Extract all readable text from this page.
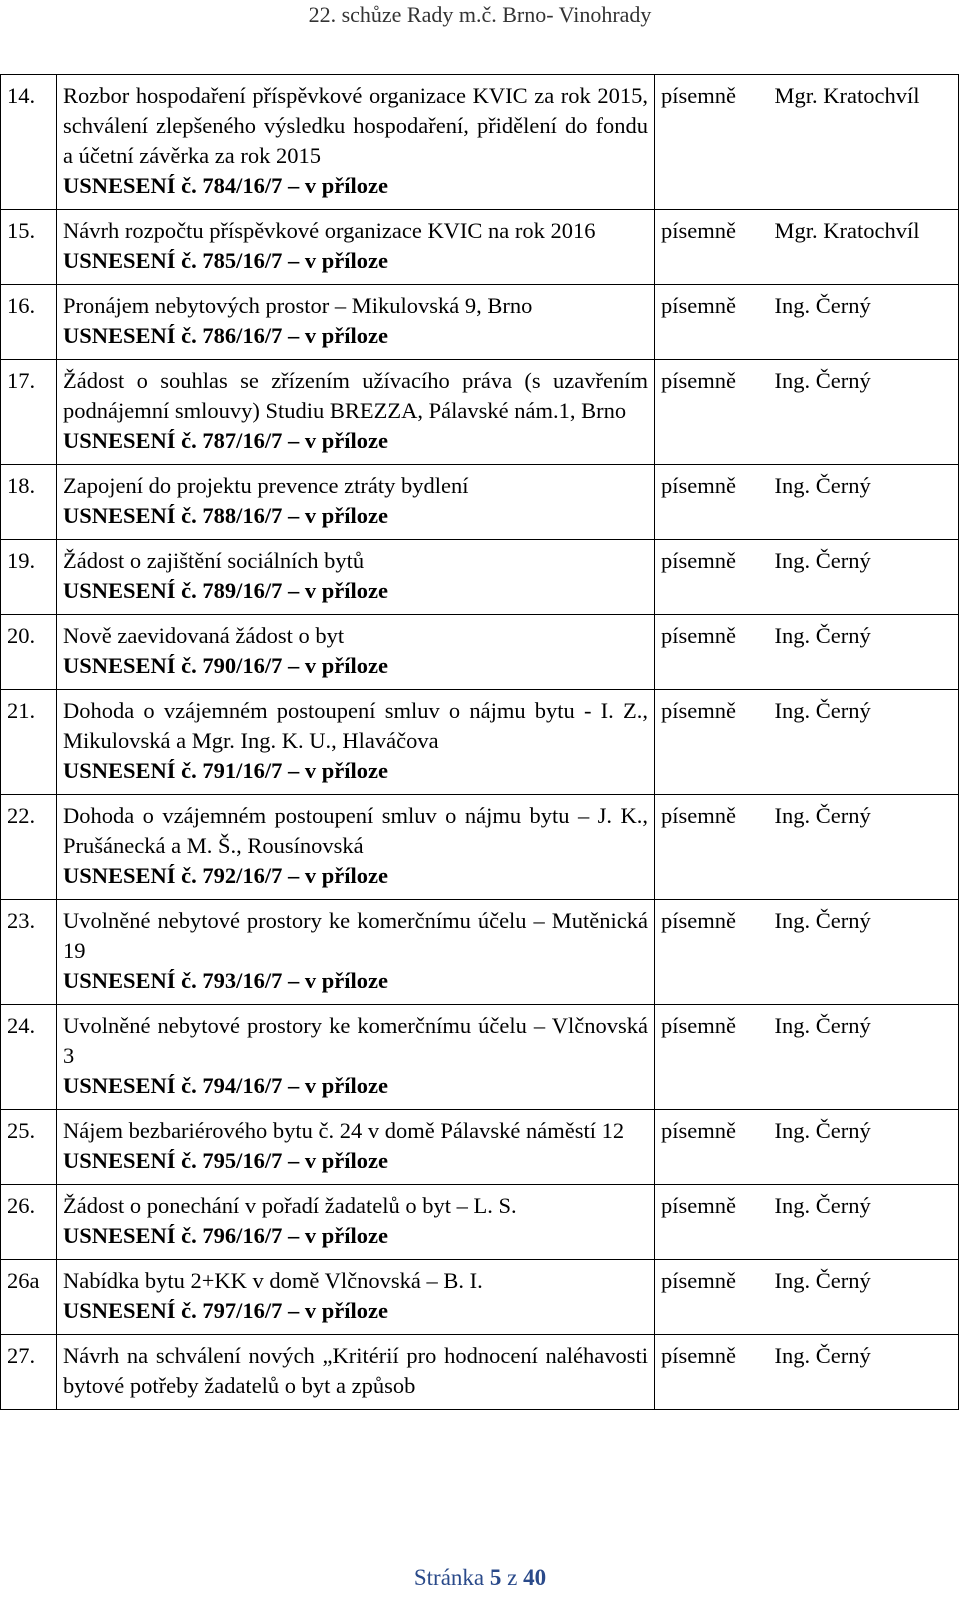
22. schůze Rady m.č. Brno- Vinohrady
14.	Rozbor hospodaření příspěvkové organizace KVIC za rok 2015, schválení zlepšeného výsledku hospodaření, přidělení do fondu a účetní závěrka za rok 2015
USNESENÍ č. 784/16/7 – v příloze	písemně	Mgr. Kratochvíl
15.	Návrh rozpočtu příspěvkové organizace KVIC na rok 2016
USNESENÍ č. 785/16/7 – v příloze	písemně	Mgr. Kratochvíl
16.	Pronájem nebytových prostor – Mikulovská 9, Brno
USNESENÍ č. 786/16/7 – v příloze	písemně	Ing. Černý
17.	Žádost o souhlas se zřízením užívacího práva (s uzavřením podnájemní smlouvy) Studiu BREZZA, Pálavské nám.1, Brno
USNESENÍ č. 787/16/7 – v příloze	písemně	Ing. Černý
18.	Zapojení do projektu prevence ztráty bydlení
USNESENÍ č. 788/16/7 – v příloze	písemně	Ing. Černý
19.	Žádost o zajištění sociálních bytů
USNESENÍ č. 789/16/7 – v příloze	písemně	Ing. Černý
20.	Nově zaevidovaná žádost o byt
USNESENÍ č. 790/16/7 – v příloze	písemně	Ing. Černý
21.	Dohoda o vzájemném postoupení smluv o nájmu bytu - I. Z., Mikulovská a Mgr. Ing. K. U., Hlaváčova
USNESENÍ č. 791/16/7 – v příloze	písemně	Ing. Černý
22.	Dohoda o vzájemném postoupení smluv o nájmu bytu – J. K., Prušánecká a M. Š., Rousínovská
USNESENÍ č. 792/16/7 – v příloze	písemně	Ing. Černý
23.	Uvolněné nebytové prostory ke komerčnímu účelu – Mutěnická 19
USNESENÍ č. 793/16/7 – v příloze	písemně	Ing. Černý
24.	Uvolněné nebytové prostory ke komerčnímu účelu – Vlčnovská 3
USNESENÍ č. 794/16/7 – v příloze	písemně	Ing. Černý
25.	Nájem bezbariérového bytu č. 24 v domě Pálavské náměstí 12
USNESENÍ č. 795/16/7 – v příloze	písemně	Ing. Černý
26.	Žádost o ponechání v pořadí žadatelů o byt – L. S.
USNESENÍ č. 796/16/7 – v příloze	písemně	Ing. Černý
26a	Nabídka bytu 2+KK v domě Vlčnovská – B. I.
USNESENÍ č. 797/16/7 – v příloze	písemně	Ing. Černý
27.	Návrh na schválení nových „Kritérií pro hodnocení naléhavosti bytové potřeby žadatelů o byt a způsob	písemně	Ing. Černý
Stránka 5 z 40
